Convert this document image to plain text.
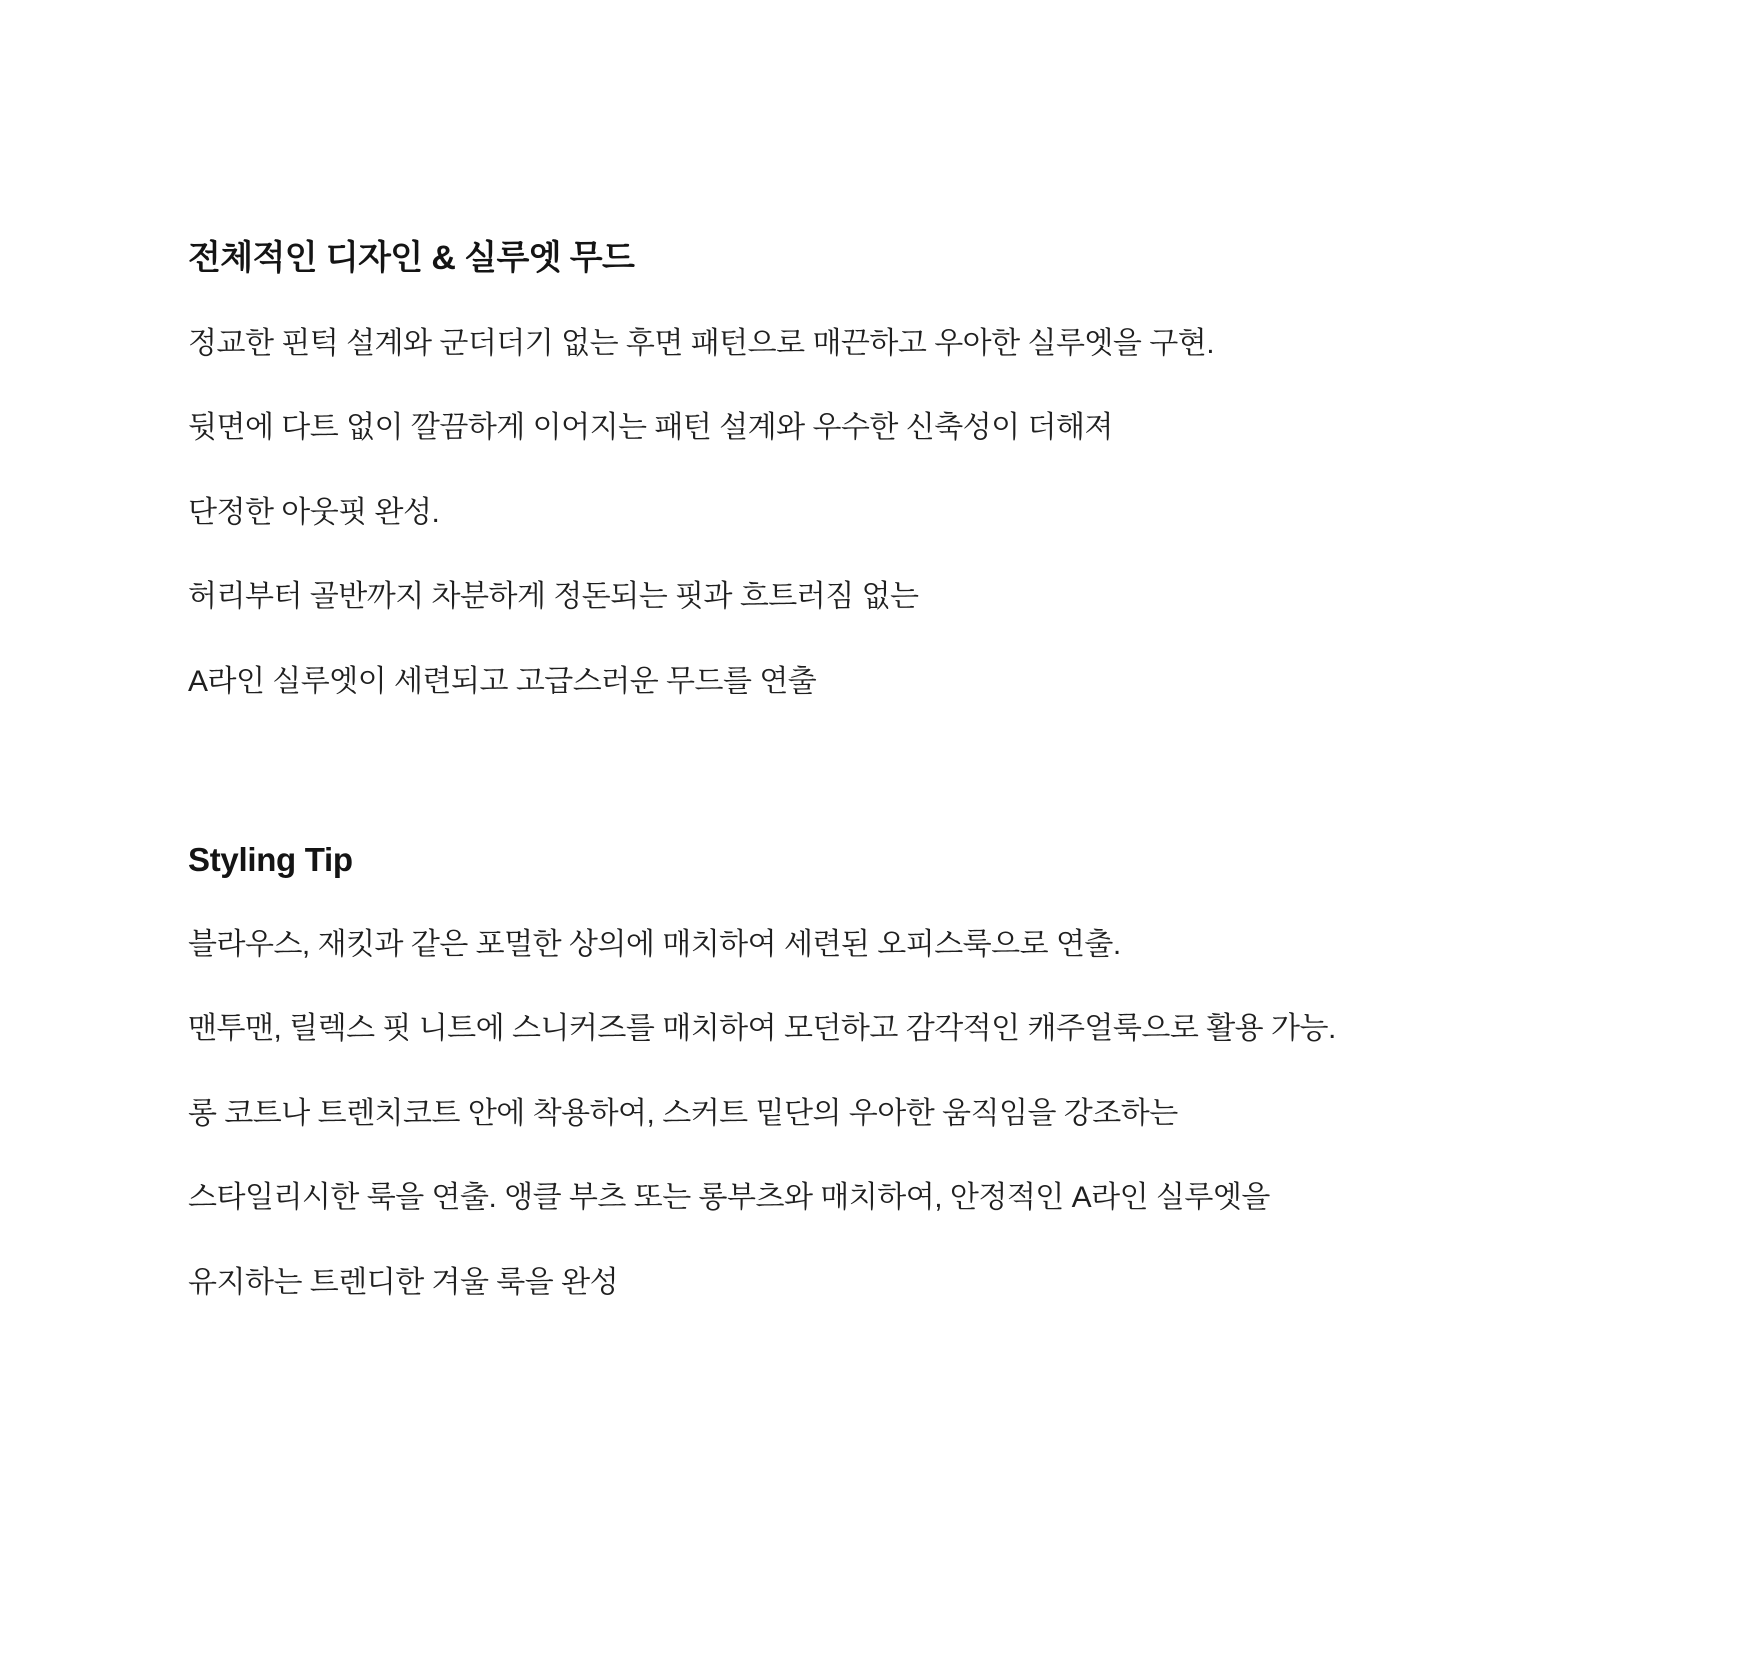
전체적인 디자인 & 실루엣 무드

정교한 핀턱 설계와 군더더기 없는 후면 패턴으로 매끈하고 우아한 실루엣을 구현.

뒷면에 다트 없이 깔끔하게 이어지는 패턴 설계와 우수한 신축성이 더해져

단정한 아웃핏 완성.

허리부터 골반까지 차분하게 정돈되는 핏과 흐트러짐 없는

A라인 실루엣이 세련되고 고급스러운 무드를 연출

Styling Tip

블라우스, 재킷과 같은 포멀한 상의에 매치하여 세련된 오피스룩으로 연출.

맨투맨, 릴렉스 핏 니트에 스니커즈를 매치하여 모던하고 감각적인 캐주얼룩으로 활용 가능.

롱 코트나 트렌치코트 안에 착용하여, 스커트 밑단의 우아한 움직임을 강조하는

스타일리시한 룩을 연출. 앵클 부츠 또는 롱부츠와 매치하여, 안정적인 A라인 실루엣을

유지하는 트렌디한 겨울 룩을 완성
